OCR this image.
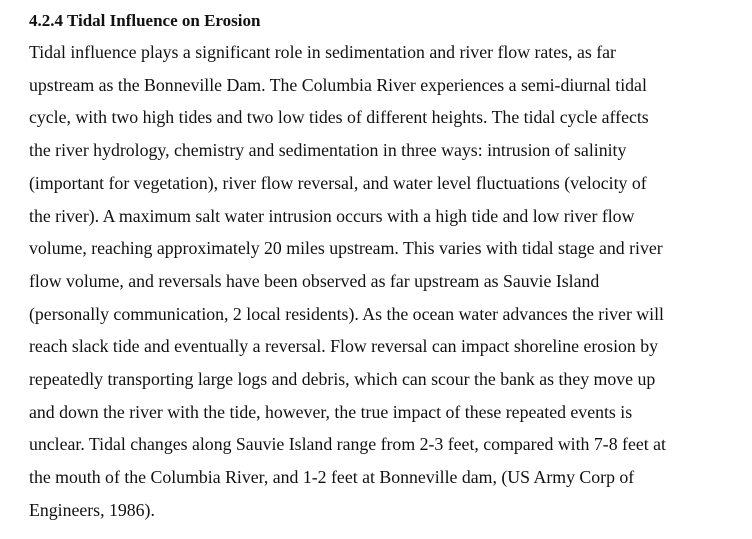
4.2.4 Tidal Influence on Erosion

Tidal influence plays a significant role in sedimentation and river flow rates, as far
upstream as the Bonneville Dam. The Columbia River experiences a semi-diurnal tidal
cycle, with two high tides and two low tides of different heights. The tidal cycle affects
the river hydrology, chemistry and sedimentation in three ways: intrusion of salinity
(important for vegetation), river flow reversal, and water level fluctuations (velocity of
the river). A maximum salt water intrusion occurs with a high tide and low river flow
volume, reaching approximately 20 miles upstream. This varies with tidal stage and river
flow volume, and reversals have been observed as far upstream as Sauvie Island
(personally communication, 2 local residents). As the ocean water advances the river will
reach slack tide and eventually a reversal. Flow reversal can impact shoreline erosion by
repeatedly transporting large logs and debris, which can scour the bank as they move up
and down the river with the tide, however, the true impact of these repeated events is
unclear. Tidal changes along Sauvie Island range from 2-3 feet, compared with 7-8 feet at
the mouth of the Columbia River, and 1-2 feet at Bonneville dam, (US Army Corp of
Engineers, 1986).
